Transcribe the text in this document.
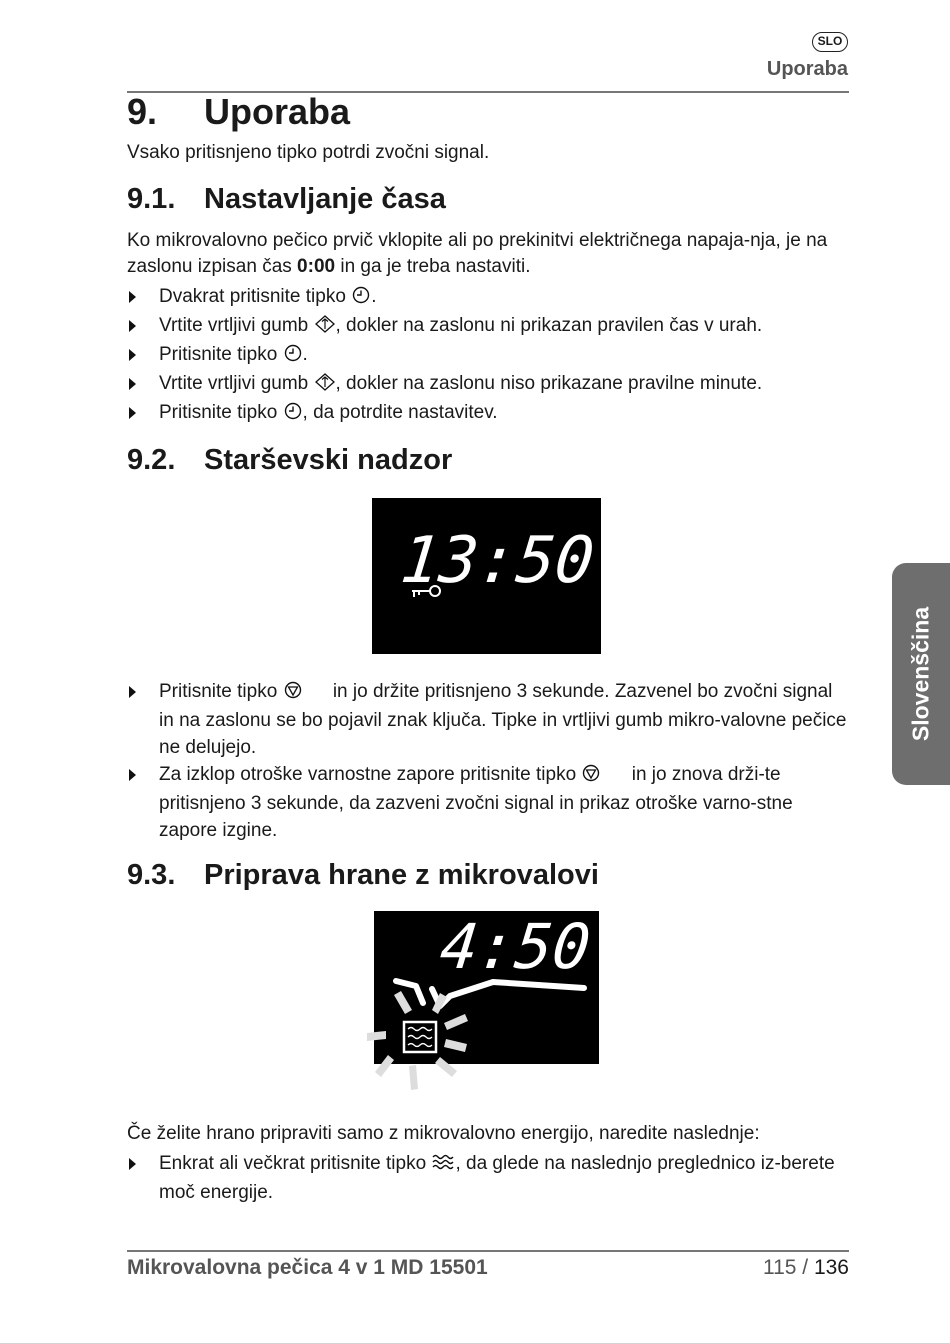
SLO
Uporaba
9. Uporaba

Vsako pritisnjeno tipko potrdi zvočni signal.

9.1. Nastavljanje časa

Ko mikrovalovno pečico prvič vklopite ali po prekinitvi električnega napaja-nja, je na zaslonu izpisan čas 0:00 in ga je treba nastaviti.

Dvakrat pritisnite tipko .
Vrtite vrtljivi gumb , dokler na zaslonu ni prikazan pravilen čas v urah.
Pritisnite tipko .
Vrtite vrtljivi gumb , dokler na zaslonu niso prikazane pravilne minute.
Pritisnite tipko , da potrdite nastavitev.
9.2. Starševski nadzor
13:50
Pritisnite tipko  in jo držite pritisnjeno 3 sekunde. Zazvenel bo zvočni signal in na zaslonu se bo pojavil znak ključa. Tipke in vrtljivi gumb mikro-valovne pečice ne delujejo.
Za izklop otroške varnostne zapore pritisnite tipko  in jo znova drži-te pritisnjeno 3 sekunde, da zazveni zvočni signal in prikaz otroške varno-stne zapore izgine.
9.3. Priprava hrane z mikrovalovi
4:50

Če želite hrano pripraviti samo z mikrovalovno energijo, naredite naslednje:

Enkrat ali večkrat pritisnite tipko , da glede na naslednjo preglednico iz-berete moč energije.
Slovenščina
Mikrovalovna pečica 4 v 1 MD 15501	115 / 136
